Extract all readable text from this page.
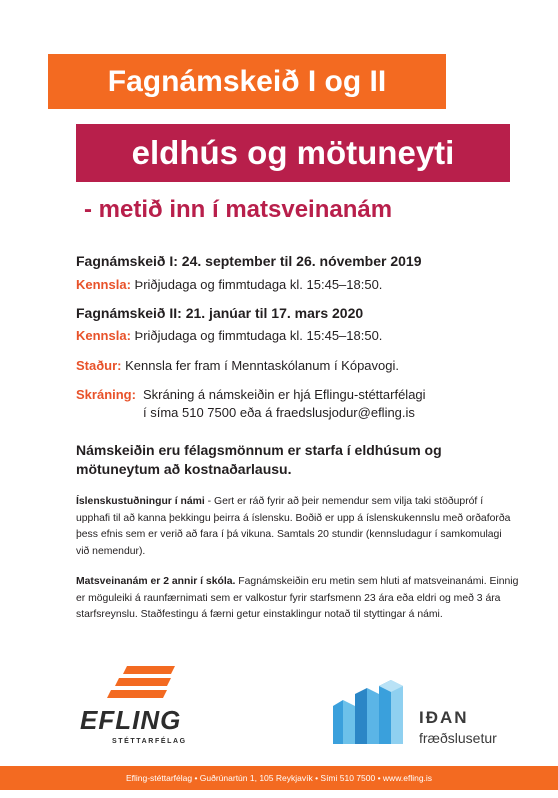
Fagnámskeið I og II
eldhús og mötuneyti
- metið inn í matsveinanám
Fagnámskeið I: 24. september til 26. nóvember 2019
Kennsla: Þriðjudaga og fimmtudaga kl. 15:45–18:50.
Fagnámskeið II: 21. janúar til 17. mars 2020
Kennsla: Þriðjudaga og fimmtudaga kl. 15:45–18:50.
Staður: Kennsla fer fram í Menntaskólanum í Kópavogi.
Skráning: Skráning á námskeiðin er hjá Eflingu-stéttarfélagi
í síma 510 7500 eða á fraedslusjodur@efling.is
Námskeiðin eru félagsmönnum er starfa í eldhúsum og mötuneytum að kostnaðarlausu.
Íslenskustuðningur í námi - Gert er ráð fyrir að þeir nemendur sem vilja taki stöðupróf í upphafi til að kanna þekkingu þeirra á íslensku. Boðið er upp á íslenskukennslu með orðaforða þess efnis sem er verið að fara í þá vikuna. Samtals 20 stundir (kennsludagur í samkomulagi við nemendur).
Matsveinanám er 2 annir í skóla. Fagnámskeiðin eru metin sem hluti af matsveinanámi. Einnig er möguleiki á raunfærnimati sem er valkostur fyrir starfsmenn 23 ára eða eldri og með 3 ára starfsreynslu. Staðfestingu á færni getur einstaklingur notað til styttingar á námi.
EFLING
STÉTTARFÉLAG
IÐAN
fræðslusetur
Efling-stéttarfélag • Guðrúnartún 1, 105 Reykjavík • Sími 510 7500 • www.efling.is
